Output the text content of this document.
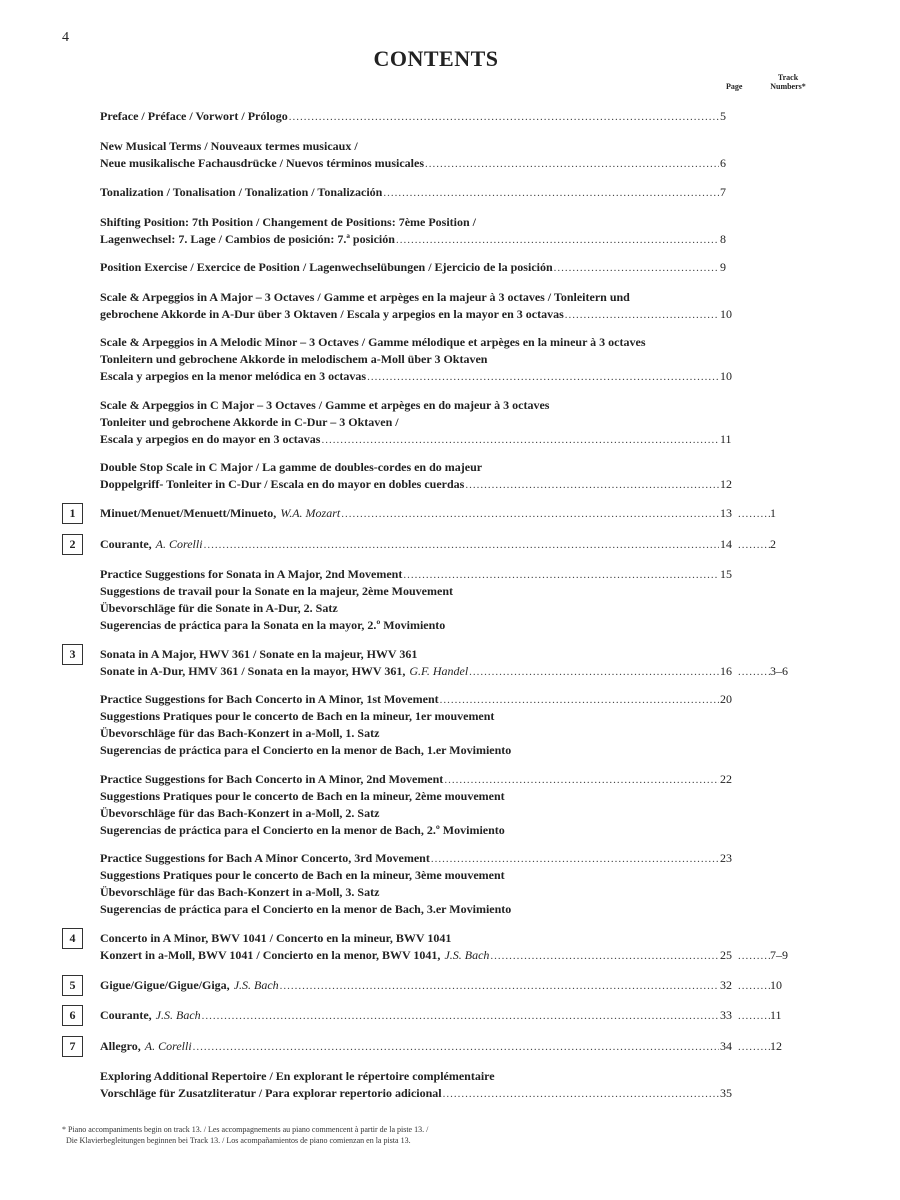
4
CONTENTS
Page
Track
Numbers*
Preface / Préface / Vorwort / Prólogo .....	5
New Musical Terms / Nouveaux termes musicaux /
Neue musikalische Fachausdrücke / Nuevos términos musicales .....	6
Tonalization / Tonalisation / Tonalization / Tonalización .....	7
Shifting Position: 7th Position / Changement de Positions: 7ème Position /
Lagenwechsel: 7. Lage / Cambios de posición: 7.ª posición .....	8
Position Exercise / Exercice de Position / Lagenwechselübungen / Ejercicio de la posición .....	9
Scale & Arpeggios in A Major – 3 Octaves / Gamme et arpèges en la majeur à 3 octaves / Tonleitern und
gebrochene Akkorde in A-Dur über 3 Oktaven / Escala y arpegios en la mayor en 3 octavas .....	10
Scale & Arpeggios in A Melodic Minor – 3 Octaves / Gamme mélodique et arpèges en la mineur à 3 octaves
Tonleitern und gebrochene Akkorde in melodischem a-Moll über 3 Oktaven
Escala y arpegios en la menor melódica en 3 octavas .....	10
Scale & Arpeggios in C Major – 3 Octaves / Gamme et arpèges en do majeur à 3 octaves
Tonleiter und gebrochene Akkorde in C-Dur – 3 Oktaven /
Escala y arpegios en do mayor en 3 octavas .....	11
Double Stop Scale in C Major / La gamme de doubles-cordes en do majeur
Doppelgriff- Tonleiter in C-Dur / Escala en do mayor en dobles cuerdas .....	12
1	Minuet/Menuet/Menuett/Minueto, W.A. Mozart .....	13 .....	1
2	Courante, A. Corelli .....	14 .....	2
Practice Suggestions for Sonata in A Major, 2nd Movement .....	15
Suggestions de travail pour la Sonate en la majeur, 2ème Mouvement
Übevorschläge für die Sonate in A-Dur, 2. Satz
Sugerencias de práctica para la Sonata en la mayor, 2.º Movimiento
3	Sonata in A Major, HWV 361 / Sonate en la majeur, HWV 361
Sonate in A-Dur, HMV 361 / Sonata en la mayor, HWV 361, G.F. Handel .....	16 .....	3–6
Practice Suggestions for Bach Concerto in A Minor, 1st Movement .....	20
Suggestions Pratiques pour le concerto de Bach en la mineur, 1er mouvement
Übevorschläge für das Bach-Konzert in a-Moll, 1. Satz
Sugerencias de práctica para el Concierto en la menor de Bach, 1.er Movimiento
Practice Suggestions for Bach Concerto in A Minor, 2nd Movement .....	22
Suggestions Pratiques pour le concerto de Bach en la mineur, 2ème mouvement
Übevorschläge für das Bach-Konzert in a-Moll, 2. Satz
Sugerencias de práctica para el Concierto en la menor de Bach, 2.º Movimiento
Practice Suggestions for Bach A Minor Concerto, 3rd Movement .....	23
Suggestions Pratiques pour le concerto de Bach en la mineur, 3ème mouvement
Übevorschläge für das Bach-Konzert in a-Moll, 3. Satz
Sugerencias de práctica para el Concierto en la menor de Bach, 3.er Movimiento
4	Concerto in A Minor, BWV 1041 / Concerto en la mineur, BWV 1041
Konzert in a-Moll, BWV 1041 / Concierto en la menor, BWV 1041, J.S. Bach .....	25 .....	7–9
5	Gigue/Gigue/Gigue/Giga, J.S. Bach .....	32 .....	10
6	Courante, J.S. Bach .....	33 .....	11
7	Allegro, A. Corelli .....	34 .....	12
Exploring Additional Repertoire / En explorant le répertoire complémentaire
Vorschläge für Zusatzliteratur / Para explorar repertorio adicional .....	35
* Piano accompaniments begin on track 13. / Les accompagnements au piano commencent à partir de la piste 13. /
Die Klavierbegleitungen beginnen bei Track 13. / Los acompañamientos de piano comienzan en la pista 13.
